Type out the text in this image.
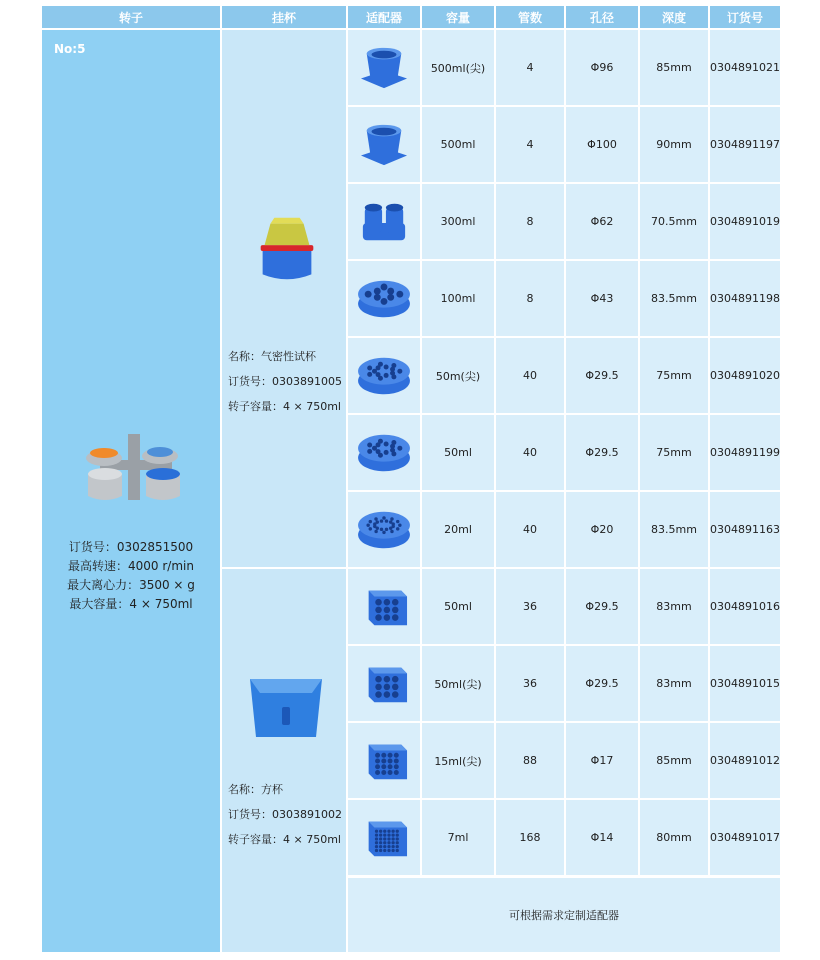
转子	挂杯	适配器	容量	管数	孔径	深度	订货号
No:5
订货号：0302851500
最高转速：4000 r/min
最大离心力：3500 × g
最大容量：4 × 750ml
名称：气密性试杯
订货号：0303891005
转子容量：4 × 750ml
名称：方杯
订货号：0303891002
转子容量：4 × 750ml
500ml(尖)	4	Φ96	85mm	0304891021
500ml	4	Φ100	90mm	0304891197
300ml	8	Φ62	70.5mm	0304891019
100ml	8	Φ43	83.5mm	0304891198
50m(尖)	40	Φ29.5	75mm	0304891020
50ml	40	Φ29.5	75mm	0304891199
20ml	40	Φ20	83.5mm	0304891163
50ml	36	Φ29.5	83mm	0304891016
50ml(尖)	36	Φ29.5	83mm	0304891015
15ml(尖)	88	Φ17	85mm	0304891012
7ml	168	Φ14	80mm	0304891017
可根据需求定制适配器
